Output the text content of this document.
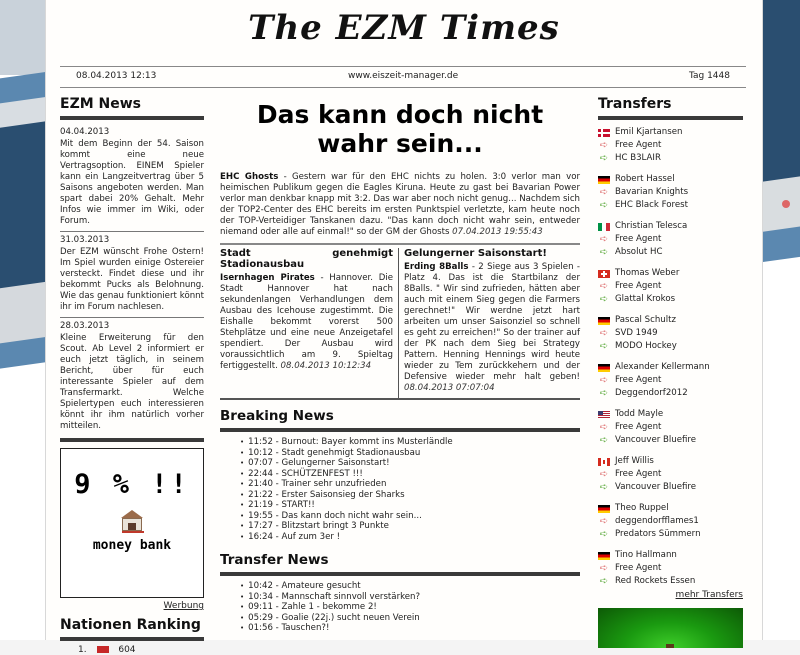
The EZM Times
08.04.2013 12:13	www.eiszeit-manager.de	Tag 1448
EZM News
04.04.2013
Mit dem Beginn der 54. Saison kommt eine neue Vertragsoption. EINEM Spieler kann ein Langzeitvertrag über 5 Saisons angeboten werden. Man spart dabei 20% Gehalt. Mehr Infos wie immer im Wiki, oder Forum.
31.03.2013
Der EZM wünscht Frohe Ostern! Im Spiel wurden einige Ostereier versteckt. Findet diese und ihr bekommt Pucks als Belohnung. Wie das genau funktioniert könnt ihr im Forum nachlesen.
28.03.2013
Kleine Erweiterung für den Scout. Ab Level 2 informiert er euch jetzt täglich, in seinem Bericht, über für euch interessante Spieler auf dem Transfermarkt. Welche Spielertypen euch interessieren könnt ihr ihm natürlich vorher mitteilen.
9 % !!
money bank
Werbung
Nationen Ranking
1.	604
Das kann doch nicht wahr sein...
EHC Ghosts - Gestern war für den EHC nichts zu holen. 3:0 verlor man vor heimischen Publikum gegen die Eagles Kiruna. Heute zu gast bei Bavarian Power verlor man denkbar knapp mit 3:2. Das war aber noch nicht genug... Nachdem sich der TOP2-Center des EHC bereits im ersten Punktspiel verletzte, kam heute noch der TOP-Verteidiger Tanskanen dazu. "Das kann doch nicht wahr sein, entweder niemand oder alle auf einmal!" so der GM der Ghosts 07.04.2013 19:55:43
Stadt genehmigt Stadionausbau
Isernhagen Pirates - Hannover. Die Stadt Hannover hat nach sekundenlangen Verhandlungen dem Ausbau des Icehouse zugestimmt. Die Eishalle bekommt vorerst 500 Stehplätze und eine neue Anzeigetafel spendiert. Der Ausbau wird voraussichtlich am 9. Spieltag fertiggestellt. 08.04.2013 10:12:34
Gelungerner Saisonstart!
Erding 8Balls - 2 Siege aus 3 Spielen - Platz 4. Das ist die Startbilanz der 8Balls. " Wir sind zufrieden, hätten aber auch mit einem Sieg gegen die Farmers gerechnet!" Wir werdne jetzt hart arbeiten um unser Saisonziel so schnell es geht zu erreichen!" So der trainer auf der PK nach dem Sieg bei Strategy Pattern. Henning Hennings wird heute wieder zu Tem zurückkehern und der Defensive wieder mehr halt geben! 08.04.2013 07:07:04
Breaking News
• 11:52 - Burnout: Bayer kommt ins Musterländle
• 10:12 - Stadt genehmigt Stadionausbau
• 07:07 - Gelungerner Saisonstart!
• 22:44 - SCHÜTZENFEST !!!
• 21:40 - Trainer sehr unzufrieden
• 21:22 - Erster Saisonsieg der Sharks
• 21:19 - START!!
• 19:55 - Das kann doch nicht wahr sein...
• 17:27 - Blitzstart bringt 3 Punkte
• 16:24 - Auf zum 3er !
Transfer News
• 10:42 - Amateure gesucht
• 10:34 - Mannschaft sinnvoll verstärken?
• 09:11 - Zahle 1 - bekomme 2!
• 05:29 - Goalie (22j.) sucht neuen Verein
• 01:56 - Tauschen?!
Transfers
Emil Kjartansen
➪ Free Agent
➪ HC B3LAIR
Robert Hassel
➪ Bavarian Knights
➪ EHC Black Forest
Christian Telesca
➪ Free Agent
➪ Absolut HC
Thomas Weber
➪ Free Agent
➪ Glattal Krokos
Pascal Schultz
➪ SVD 1949
➪ MODO Hockey
Alexander Kellermann
➪ Free Agent
➪ Deggendorf2012
Todd Mayle
➪ Free Agent
➪ Vancouver Bluefire
Jeff Willis
➪ Free Agent
➪ Vancouver Bluefire
Theo Ruppel
➪ deggendorfflames1
➪ Predators Sümmern
Tino Hallmann
➪ Free Agent
➪ Red Rockets Essen
mehr Transfers
